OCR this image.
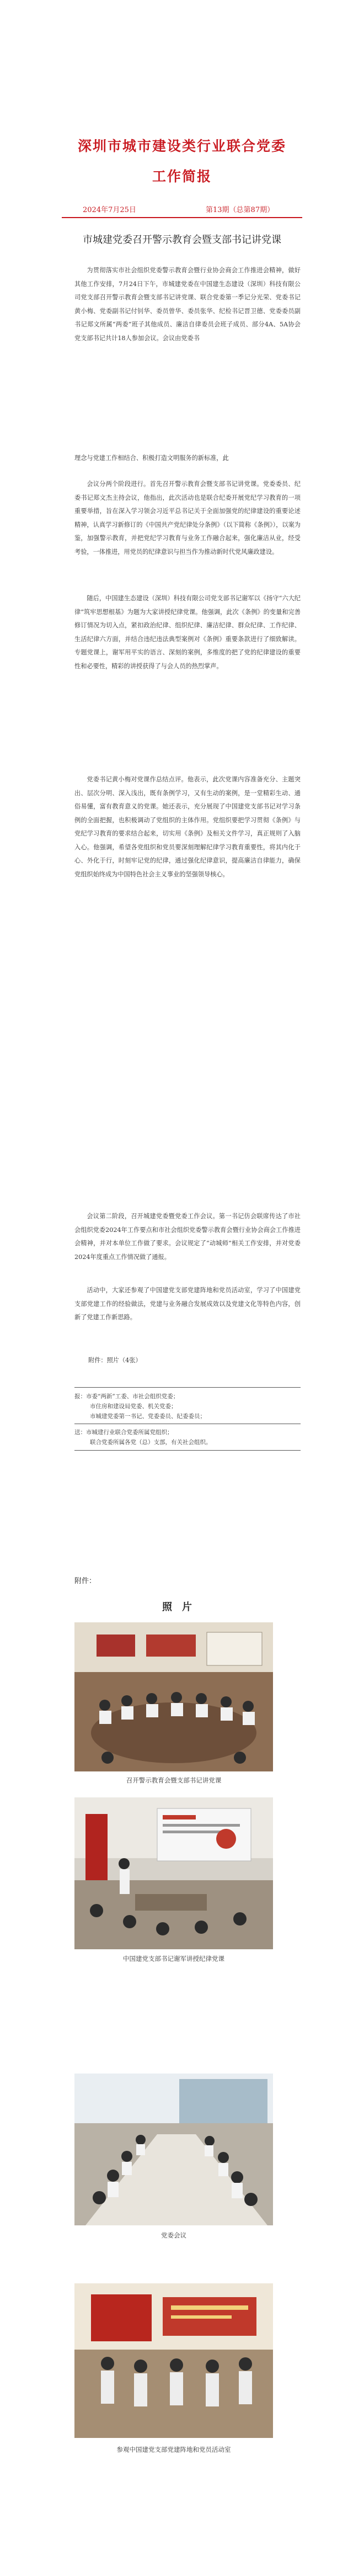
深圳市城市建设类行业联合党委
工作简报
2024年7月25日	第13期（总第87期）
市城建党委召开警示教育会暨支部书记讲党课
为贯彻落实市社会组织党委警示教育会暨行业协会商会工作推进会精神，做好其他工作安排，7月24日下午，市城建党委在中国建生态建设（深圳）科技有限公司党支部召开警示教育会暨支部书记讲党课、联合党委第一季记分光荣、党委书记黄小梅、党委副书记付钊华、委员曾华、委员张华、纪检书记晋卫德、党委委员副书记郑文所属“两委”班子其他成员、廉洁自律委员会班子成员、部分4A、5A协会党支部书记共计18人参加会议。会议由党委书
理念与党建工作相结合、积极打造文明服务的新标准，此
会议分两个阶段进行。首先召开警示教育会暨支部书记讲党课。党委委员、纪委书记郑文杰主持会议，他指出，此次活动也是联合纪委开展党纪学习教育的一项重要举措，旨在深入学习领会习近平总书记关于全面加强党的纪律建设的重要论述精神，认真学习新修订的《中国共产党纪律处分条例》（以下简称《条例》），以案为鉴，加强警示教育，并把党纪学习教育与业务工作融合起来，强化廉洁从业，经受考验，一体推进，用党员的纪律意识与担当作为推动新时代党风廉政建设。
随后，中国建生态建设（深圳）科技有限公司党支部书记谢军以《扬守“六大纪律”筑牢思想根基》为题为大家讲授纪律党课。他强调，此次《条例》的变量和完善修订情况为切入点，紧扣政治纪律、组织纪律、廉洁纪律、群众纪律、工作纪律、生活纪律六方面，并结合违纪违法典型案例对《条例》重要条款进行了细致解读。专题党课上，谢军用平实的语言、深刻的案例，多维度的把了党的纪律建设的重要性和必要性，精彩的讲授获得了与会人员的热烈掌声。
党委书记黄小梅对党课作总结点评。他表示，此次党课内容准备充分、主题突出、层次分明、深入浅出，既有条例学习，又有生动的案例，是一堂精彩生动、通俗易懂，富有教育意义的党课。她还表示，充分展现了中国建党支部书记对学习条例的全面把握，也积极调动了党组织的主体作用。党组织要把学习贯彻《条例》与党纪学习教育的要求结合起来，切实用《条例》及相关文件学习，真正规则了入脑入心。他强调，希望各党组织和党员要深刻理解纪律学习教育重要性，将其内化于心、外化于行，时刻牢记党的纪律，通过强化纪律意识，提高廉洁自律能力，确保党组织始终成为中国特色社会主义事业的坚强领导核心。
会议第二阶段，召开城建党委暨党委工作会议。第一书记仿会联席传达了市社会组织党委2024年工作要点和市社会组织党委警示教育会暨行业协会商会工作推进会精神，并对本单位工作做了要求。会议规定了“动城师”相关工作安排，并对党委2024年度重点工作情况做了通报。
活动中，大家还参观了中国建党支部党建阵地和党员活动室，学习了中国建党支部党建工作的经验做法，党建与业务融合发展成效以及党建文化等特色内容，创新了党建工作新思路。
附件：照片（4张）
报：市委“两新”工委、市社会组织党委；
市住房和建设局党委、机关党委；
市城建党委第一书记、党委委员、纪委委员；
送：市城建行业联合党委所属党组织；
联合党委所属各党（总）支部，有关社会组织。
附件：
照片
召开警示教育会暨支部书记讲党课
中国建党支部书记谢军讲授纪律党课
党委会议
参观中国建党支部党建阵地和党员活动室
